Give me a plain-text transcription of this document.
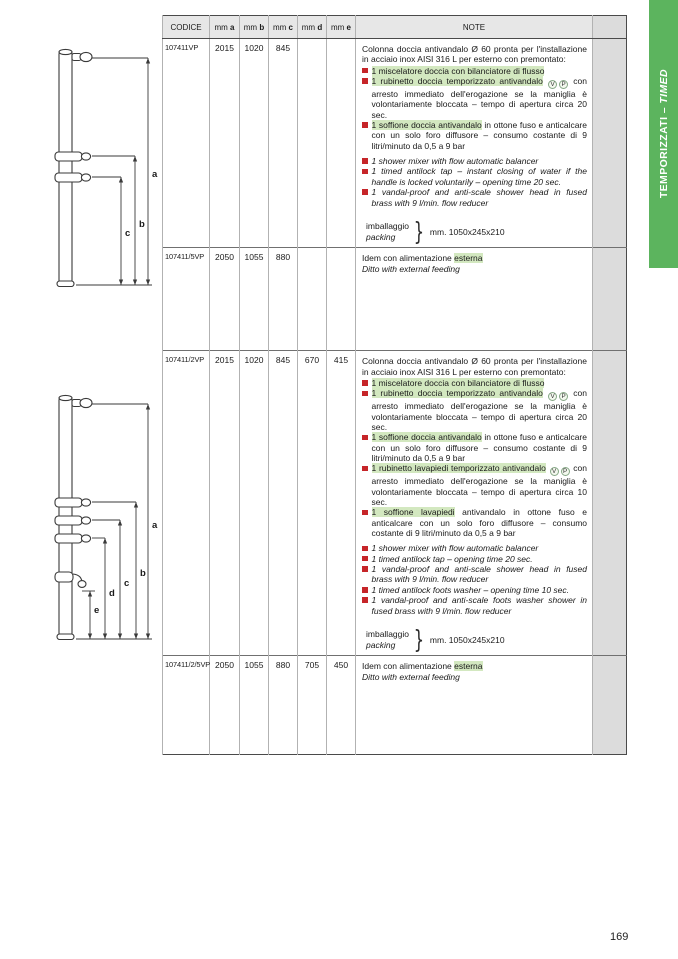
a
b
c
a
b
c
d
e
CODICE	mm a	mm b	mm c	mm d	mm e	NOTE	
107411VP	2015	1020	845			Colonna doccia antivandalo Ø 60 pronta per l'installazione in acciaio inox AISI 316 L per esterno con premontato:
1 miscelatore doccia con bilanciatore di flusso
1 rubinetto doccia temporizzato antivandalo V P con arresto immediato dell'erogazione se la maniglia è volontariamente bloccata – tempo di apertura circa 20 sec.
1 soffione doccia antivandalo in ottone fuso e anticalcare con un solo foro diffusore – consumo costante di 9 litri/minuto da 0,5 a 9 bar
1 shower mixer with flow automatic balancer
1 timed antilock tap – instant closing of water if the handle is locked voluntarily – opening time 20 sec.
1 vandal-proof and anti-scale shower head in fused brass with 9 l/min. flow reducer
imballaggio
packing } mm. 1050x245x210

107411/5VP	2050	1055	880			Idem con alimentazione esterna
Ditto with external feeding	

107411/2VP	2015	1020	845	670	415	Colonna doccia antivandalo Ø 60 pronta per l'installazione in acciaio inox AISI 316 L per esterno con premontato:
1 miscelatore doccia con bilanciatore di flusso
1 rubinetto doccia temporizzato antivandalo V P con arresto immediato dell'erogazione se la maniglia è volontariamente bloccata – tempo di apertura circa 20 sec.
1 soffione doccia antivandalo in ottone fuso e anticalcare con un solo foro diffusore – consumo costante di 9 litri/minuto da 0,5 a 9 bar
1 rubinetto lavapiedi temporizzato antivandalo V P con arresto immediato dell'erogazione se la maniglia è volontariamente bloccata – tempo di apertura circa 10 sec.
1 soffione lavapiedi antivandalo in ottone fuso e anticalcare con un solo foro diffusore – consumo costante di 9 litri/minuto da 0,5 a 9 bar
1 shower mixer with flow automatic balancer
1 timed antilock tap – opening time 20 sec.
1 vandal-proof and anti-scale shower head in fused brass with 9 l/min. flow reducer
1 timed antilock foots washer – opening time 10 sec.
1 vandal-proof and anti-scale foots washer shower in fused brass with 9 l/min. flow reducer
imballaggio
packing } mm. 1050x245x210

107411/2/5VP	2050	1055	880	705	450	Idem con alimentazione esterna
Ditto with external feeding	

TEMPORIZZATI – TIMED
169
